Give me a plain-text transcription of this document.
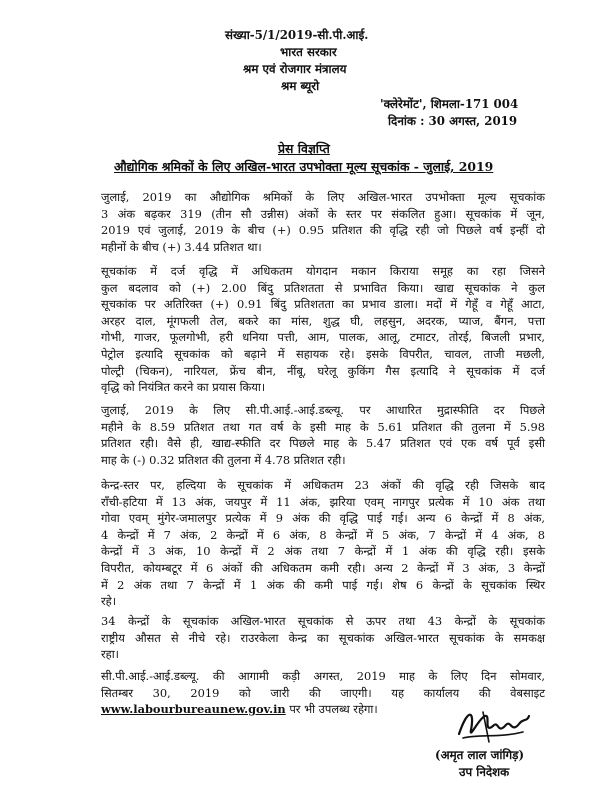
संख्या-5/1/2019-सी.पी.आई.
भारत सरकार
श्रम एवं रोजगार मंत्रालय
श्रम ब्यूरो
'क्लेरेमोंट', शिमला-171 004
दिनांक : 30 अगस्त, 2019
प्रेस विज्ञप्ति
औद्योगिक श्रमिकों के लिए अखिल-भारत उपभोक्ता मूल्य सूचकांक - जुलाई, 2019
जुलाई, 2019 का औद्योगिक श्रमिकों के लिए अखिल-भारत उपभोक्ता मूल्य सूचकांक
3 अंक बढ़कर 319 (तीन सौ उन्नीस) अंकों के स्तर पर संकलित हुआ। सूचकांक में जून,
2019 एवं जुलाई, 2019 के बीच (+) 0.95 प्रतिशत की वृद्धि रही जो पिछले वर्ष इन्हीं दो
महीनों के बीच (+) 3.44 प्रतिशत था।
सूचकांक में दर्ज वृद्धि में अधिकतम योगदान मकान किराया समूह का रहा जिसने
कुल बदलाव को (+) 2.00 बिंदु प्रतिशतता से प्रभावित किया। खाद्य सूचकांक ने कुल
सूचकांक पर अतिरिक्त (+) 0.91 बिंदु प्रतिशतता का प्रभाव डाला। मदों में गेहूँ व गेहूँ आटा,
अरहर दाल, मूंगफली तेल, बकरे का मांस, शुद्ध घी, लहसुन, अदरक, प्याज, बैंगन, पत्ता
गोभी, गाजर, फूलगोभी, हरी धनिया पत्ती, आम, पालक, आलू, टमाटर, तोरई, बिजली प्रभार,
पेट्रोल इत्यादि सूचकांक को बढ़ाने में सहायक रहे। इसके विपरीत, चावल, ताजी मछली,
पोल्ट्री (चिकन), नारियल, फ्रेंच बीन, नींबू, घरेलू कुकिंग गैस इत्यादि ने सूचकांक में दर्ज
वृद्धि को नियंत्रित करने का प्रयास किया।
जुलाई, 2019 के लिए सी.पी.आई.-आई.डब्ल्यू. पर आधारित मुद्रास्फीति दर पिछले
महीने के 8.59 प्रतिशत तथा गत वर्ष के इसी माह के 5.61 प्रतिशत की तुलना में 5.98
प्रतिशत रही। वैसे ही, खाद्य-स्फीति दर पिछले माह के 5.47 प्रतिशत एवं एक वर्ष पूर्व इसी
माह के (-) 0.32 प्रतिशत की तुलना में 4.78 प्रतिशत रही।
केन्द्र-स्तर पर, हल्दिया के सूचकांक में अधिकतम 23 अंकों की वृद्धि रही जिसके बाद
राँची-हटिया में 13 अंक, जयपुर में 11 अंक, झरिया एवम् नागपुर प्रत्येक में 10 अंक तथा
गोवा एवम् मुंगेर-जमालपुर प्रत्येक में 9 अंक की वृद्धि पाई गई। अन्य 6 केन्द्रों में 8 अंक,
4 केन्द्रों में 7 अंक, 2 केन्द्रों में 6 अंक, 8 केन्द्रों में 5 अंक, 7 केन्द्रों में 4 अंक, 8
केन्द्रों में 3 अंक, 10 केन्द्रों में 2 अंक तथा 7 केन्द्रों में 1 अंक की वृद्धि रही। इसके
विपरीत, कोयम्बटूर में 6 अंकों की अधिकतम कमी रही। अन्य 2 केन्द्रों में 3 अंक, 3 केन्द्रों
में 2 अंक तथा 7 केन्द्रों में 1 अंक की कमी पाई गई। शेष 6 केन्द्रों के सूचकांक स्थिर
रहे।
34 केन्द्रों के सूचकांक अखिल-भारत सूचकांक से ऊपर तथा 43 केन्द्रों के सूचकांक
राष्ट्रीय औसत से नीचे रहे। राउरकेला केन्द्र का सूचकांक अखिल-भारत सूचकांक के समकक्ष
रहा।
सी.पी.आई.-आई.डब्ल्यू. की आगामी कड़ी अगस्त, 2019 माह के लिए दिन सोमवार,
सितम्बर 30, 2019 को जारी की जाएगी। यह कार्यालय की वेबसाइट
www.labourbureaunew.gov.in पर भी उपलब्ध रहेगा।
(अमृत लाल जांगिड़)
उप निदेशक
